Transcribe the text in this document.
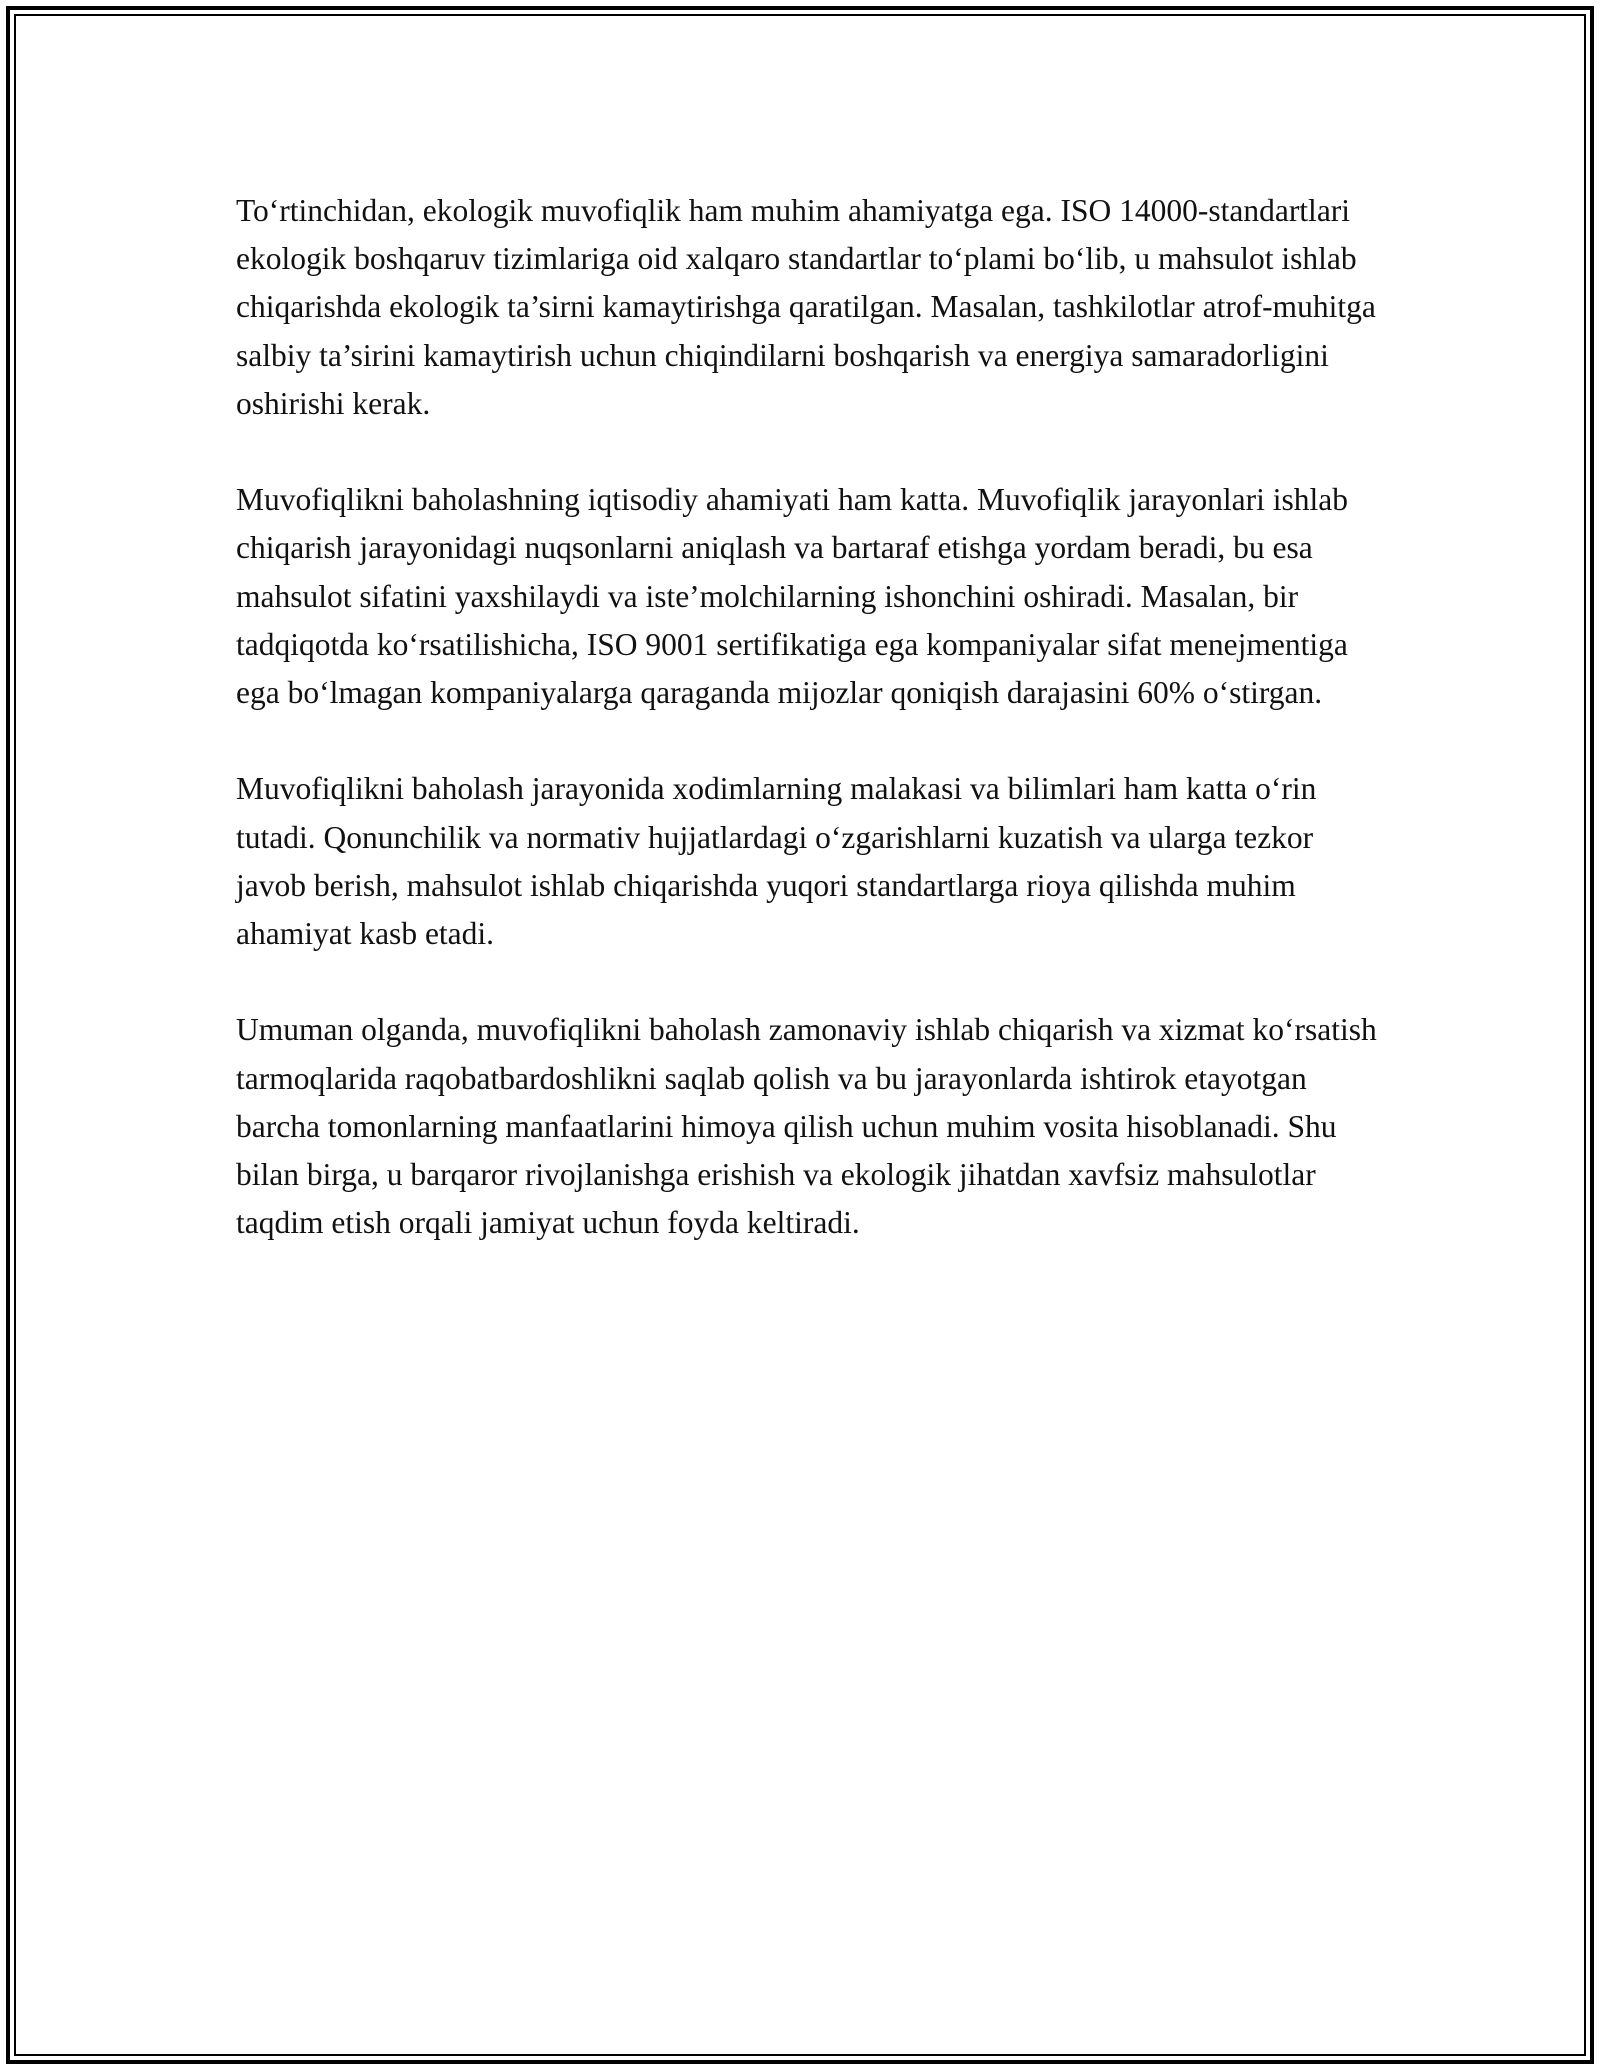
To‘rtinchidan, ekologik muvofiqlik ham muhim ahamiyatga ega. ISO 14000-standartlari ekologik boshqaruv tizimlariga oid xalqaro standartlar to‘plami bo‘lib, u mahsulot ishlab chiqarishda ekologik ta’sirni kamaytirishga qaratilgan. Masalan, tashkilotlar atrof-muhitga salbiy ta’sirini kamaytirish uchun chiqindilarni boshqarish va energiya samaradorligini oshirishi kerak.

Muvofiqlikni baholashning iqtisodiy ahamiyati ham katta. Muvofiqlik jarayonlari ishlab chiqarish jarayonidagi nuqsonlarni aniqlash va bartaraf etishga yordam beradi, bu esa mahsulot sifatini yaxshilaydi va iste’molchilarning ishonchini oshiradi. Masalan, bir tadqiqotda ko‘rsatilishicha, ISO 9001 sertifikatiga ega kompaniyalar sifat menejmentiga ega bo‘lmagan kompaniyalarga qaraganda mijozlar qoniqish darajasini 60% o‘stirgan.

Muvofiqlikni baholash jarayonida xodimlarning malakasi va bilimlari ham katta o‘rin tutadi. Qonunchilik va normativ hujjatlardagi o‘zgarishlarni kuzatish va ularga tezkor javob berish, mahsulot ishlab chiqarishda yuqori standartlarga rioya qilishda muhim ahamiyat kasb etadi.

Umuman olganda, muvofiqlikni baholash zamonaviy ishlab chiqarish va xizmat ko‘rsatish tarmoqlarida raqobatbardoshlikni saqlab qolish va bu jarayonlarda ishtirok etayotgan barcha tomonlarning manfaatlarini himoya qilish uchun muhim vosita hisoblanadi. Shu bilan birga, u barqaror rivojlanishga erishish va ekologik jihatdan xavfsiz mahsulotlar taqdim etish orqali jamiyat uchun foyda keltiradi.
